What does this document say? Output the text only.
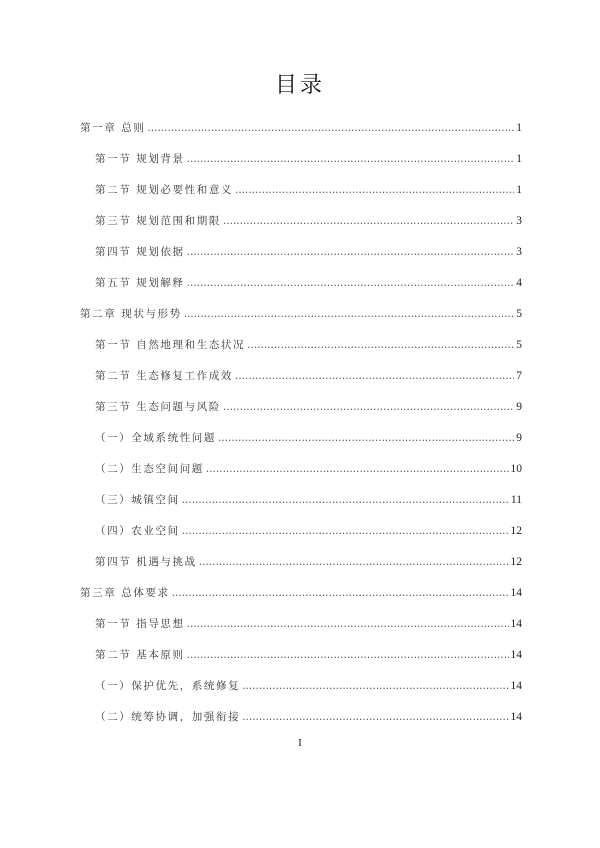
目录
第一章 总则 .....	1
第一节 规划背景 .....	1
第二节 规划必要性和意义 .....	1
第三节 规划范围和期限 .....	3
第四节 规划依据 .....	3
第五节 规划解释 .....	4
第二章 现状与形势 .....	5
第一节 自然地理和生态状况 .....	5
第二节 生态修复工作成效 .....	7
第三节 生态问题与风险 .....	9
（一）全域系统性问题 .....	9
（二）生态空间问题 .....	10
（三）城镇空间 .....	11
（四）农业空间 .....	12
第四节 机遇与挑战 .....	12
第三章 总体要求 .....	14
第一节 指导思想 .....	14
第二节 基本原则 .....	14
（一）保护优先，系统修复 .....	14
（二）统筹协调，加强衔接 .....	14
I
